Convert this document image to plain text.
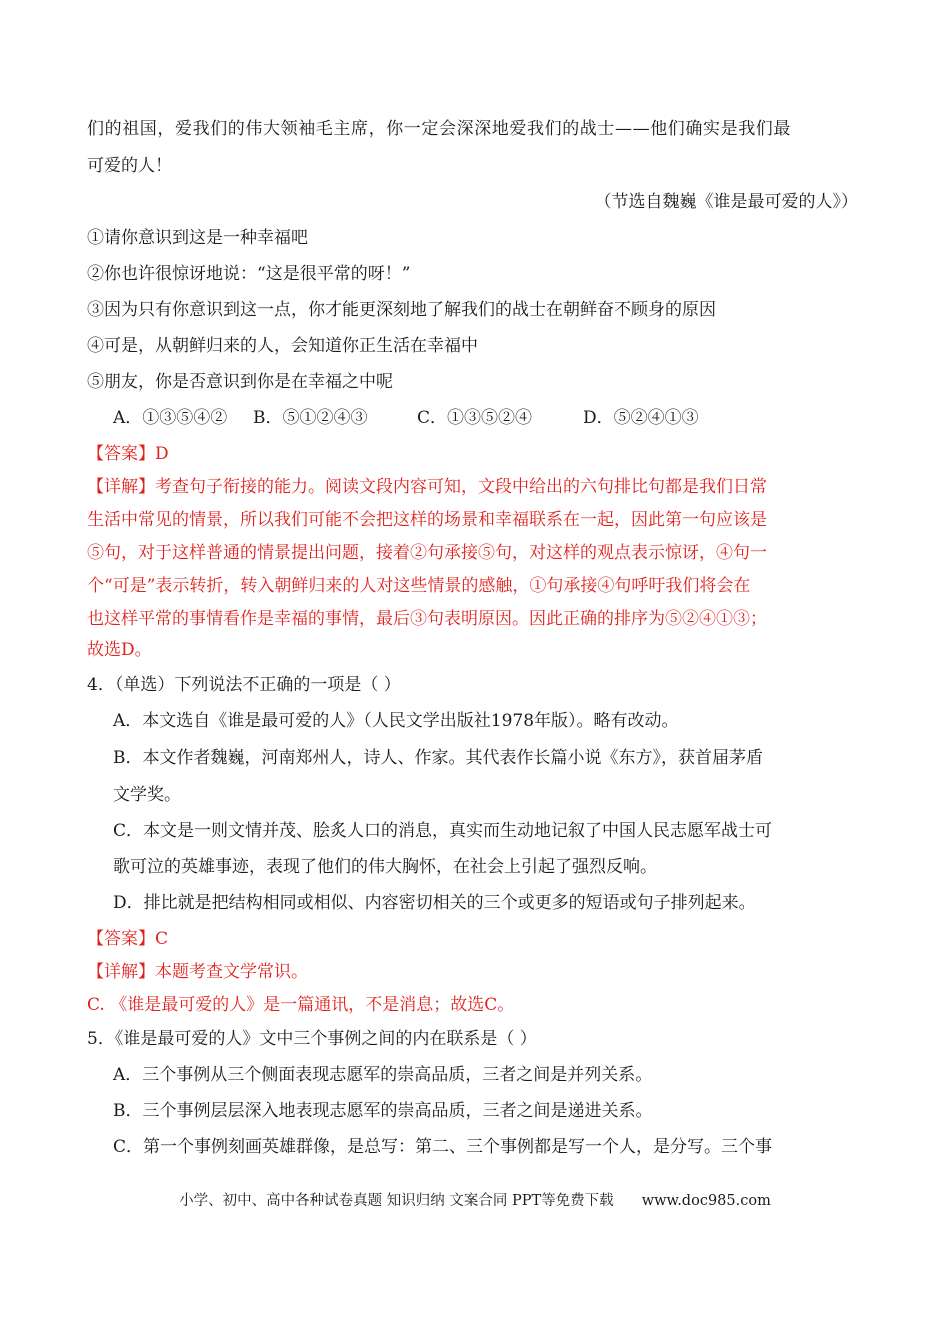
们的祖国，爱我们的伟大领袖毛主席，你一定会深深地爱我们的战士——他们确实是我们最
可爱的人！
（节选自魏巍《谁是最可爱的人》）
①请你意识到这是一种幸福吧
②你也许很惊讶地说：“这是很平常的呀！”
③因为只有你意识到这一点，你才能更深刻地了解我们的战士在朝鲜奋不顾身的原因
④可是，从朝鲜归来的人，会知道你正生活在幸福中
⑤朋友，你是否意识到你是在幸福之中呢
A．①③⑤④② B．⑤①②④③	C．①③⑤②④	D．⑤②④①③
【答案】D
【详解】考查句子衔接的能力。阅读文段内容可知，文段中给出的六句排比句都是我们日常
生活中常见的情景，所以我们可能不会把这样的场景和幸福联系在一起，因此第一句应该是
⑤句，对于这样普通的情景提出问题，接着②句承接⑤句，对这样的观点表示惊讶，④句一
个“可是”表示转折，转入朝鲜归来的人对这些情景的感触，①句承接④句呼吁我们将会在
也这样平常的事情看作是幸福的事情，最后③句表明原因。因此正确的排序为⑤②④①③；
故选D。
4．（单选）下列说法不正确的一项是（ ）
A．本文选自《谁是最可爱的人》（人民文学出版社1978年版）。略有改动。
B．本文作者魏巍，河南郑州人，诗人、作家。其代表作长篇小说《东方》，获首届茅盾
文学奖。
C．本文是一则文情并茂、脍炙人口的消息，真实而生动地记叙了中国人民志愿军战士可
歌可泣的英雄事迹，表现了他们的伟大胸怀，在社会上引起了强烈反响。
D．排比就是把结构相同或相似、内容密切相关的三个或更多的短语或句子排列起来。
【答案】C
【详解】本题考查文学常识。
C. 《谁是最可爱的人》是一篇通讯，不是消息；故选C。
5．《谁是最可爱的人》文中三个事例之间的内在联系是（ ）
A．三个事例从三个侧面表现志愿军的崇高品质，三者之间是并列关系。
B．三个事例层层深入地表现志愿军的崇高品质，三者之间是递进关系。
C．第一个事例刻画英雄群像，是总写：第二、三个事例都是写一个人，是分写。三个事
小学、初中、高中各种试卷真题 知识归纳 文案合同 PPT等免费下载 www.doc985.com
